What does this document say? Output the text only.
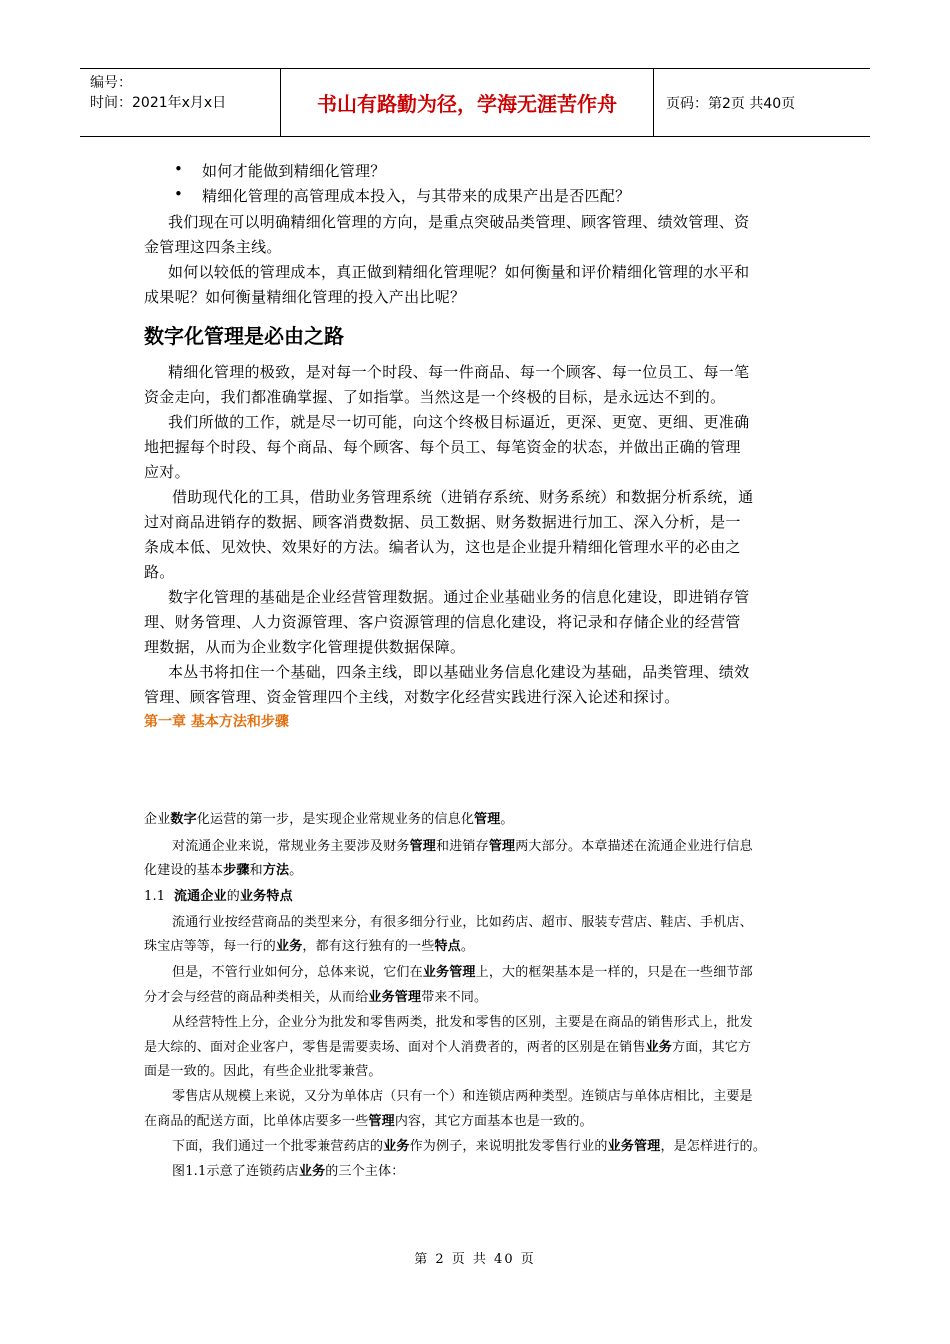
编号：
时间：2021年x月x日	书山有路勤为径，学海无涯苦作舟	页码：第2页 共40页
• 如何才能做到精细化管理？
• 精细化管理的高管理成本投入，与其带来的成果产出是否匹配？
我们现在可以明确精细化管理的方向，是重点突破品类管理、顾客管理、绩效管理、资
金管理这四条主线。
如何以较低的管理成本，真正做到精细化管理呢？如何衡量和评价精细化管理的水平和
成果呢？如何衡量精细化管理的投入产出比呢？
数字化管理是必由之路
精细化管理的极致，是对每一个时段、每一件商品、每一个顾客、每一位员工、每一笔
资金走向，我们都准确掌握、了如指掌。当然这是一个终极的目标，是永远达不到的。
我们所做的工作，就是尽一切可能，向这个终极目标逼近，更深、更宽、更细、更准确
地把握每个时段、每个商品、每个顾客、每个员工、每笔资金的状态，并做出正确的管理
应对。
借助现代化的工具，借助业务管理系统（进销存系统、财务系统）和数据分析系统，通
过对商品进销存的数据、顾客消费数据、员工数据、财务数据进行加工、深入分析，是一
条成本低、见效快、效果好的方法。编者认为，这也是企业提升精细化管理水平的必由之
路。
数字化管理的基础是企业经营管理数据。通过企业基础业务的信息化建设，即进销存管
理、财务管理、人力资源管理、客户资源管理的信息化建设，将记录和存储企业的经营管
理数据，从而为企业数字化管理提供数据保障。
本丛书将扣住一个基础，四条主线，即以基础业务信息化建设为基础，品类管理、绩效
管理、顾客管理、资金管理四个主线，对数字化经营实践进行深入论述和探讨。
第一章 基本方法和步骤
企业数字化运营的第一步，是实现企业常规业务的信息化管理。
对流通企业来说，常规业务主要涉及财务管理和进销存管理两大部分。本章描述在流通企业进行信息
化建设的基本步骤和方法。
1.1 流通企业的业务特点
流通行业按经营商品的类型来分，有很多细分行业，比如药店、超市、服装专营店、鞋店、手机店、
珠宝店等等，每一行的业务，都有这行独有的一些特点。
但是，不管行业如何分，总体来说，它们在业务管理上，大的框架基本是一样的，只是在一些细节部
分才会与经营的商品种类相关，从而给业务管理带来不同。
从经营特性上分，企业分为批发和零售两类，批发和零售的区别，主要是在商品的销售形式上，批发
是大综的、面对企业客户，零售是需要卖场、面对个人消费者的，两者的区别是在销售业务方面，其它方
面是一致的。因此，有些企业批零兼营。
零售店从规模上来说，又分为单体店（只有一个）和连锁店两种类型。连锁店与单体店相比，主要是
在商品的配送方面，比单体店要多一些管理内容，其它方面基本也是一致的。
下面，我们通过一个批零兼营药店的业务作为例子，来说明批发零售行业的业务管理，是怎样进行的。
图1.1示意了连锁药店业务的三个主体：
第 2 页 共 40 页
